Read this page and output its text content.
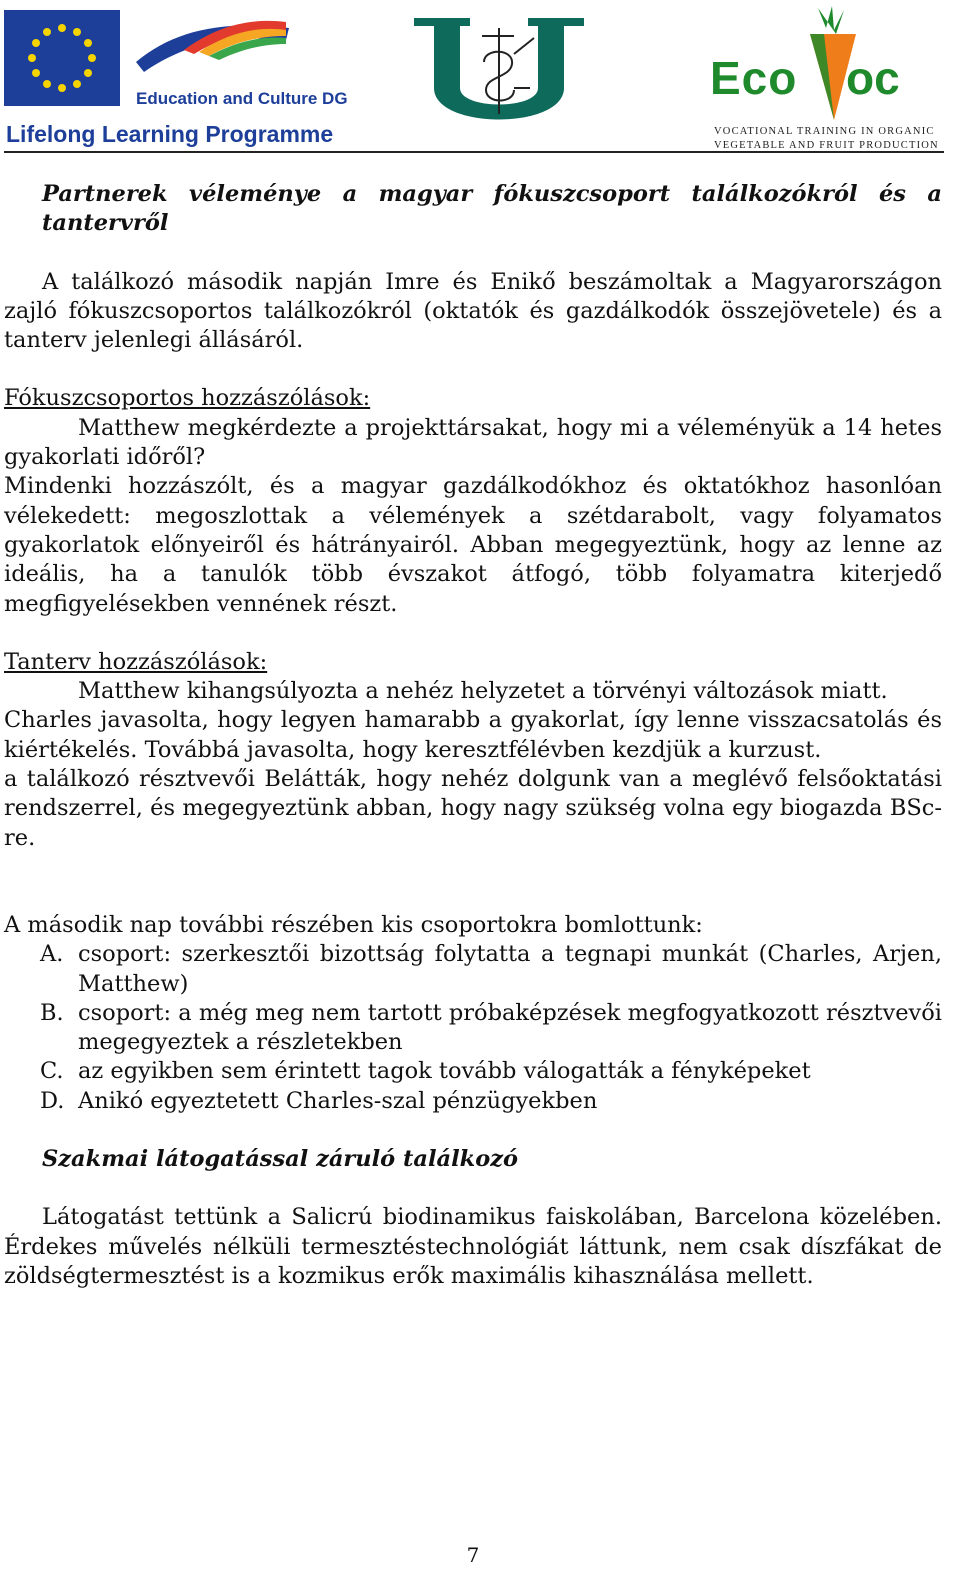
Education and Culture DG
Lifelong Learning Programme
Eco oc
VOCATIONAL TRAINING IN ORGANIC
VEGETABLE AND FRUIT PRODUCTION

Partnerek véleménye a magyar fókuszcsoport találkozókról és a tantervről

A találkozó második napján Imre és Enikő beszámoltak a Magyarországon zajló fókuszcsoportos találkozókról (oktatók és gazdálkodók összejövetele) és a tanterv jelenlegi állásáról.

Fókuszcsoportos hozzászólások:

Matthew megkérdezte a projekttársakat, hogy mi a véleményük a 14 hetes gyakorlati időről?

Mindenki hozzászólt, és a magyar gazdálkodókhoz és oktatókhoz hasonlóan vélekedett: megoszlottak a vélemények a szétdarabolt, vagy folyamatos gyakorlatok előnyeiről és hátrányairól. Abban megegyeztünk, hogy az lenne az ideális, ha a tanulók több évszakot átfogó, több folyamatra kiterjedő megfigyelésekben vennének részt.

Tanterv hozzászólások:

Matthew kihangsúlyozta a nehéz helyzetet a törvényi változások miatt.

Charles javasolta, hogy legyen hamarabb a gyakorlat, így lenne visszacsatolás és kiértékelés. Továbbá javasolta, hogy keresztfélévben kezdjük a kurzust.

a találkozó résztvevői Belátták, hogy nehéz dolgunk van a meglévő felsőoktatási rendszerrel, és megegyeztünk abban, hogy nagy szükség volna egy biogazda BSc-re.

A második nap további részében kis csoportokra bomlottunk:

A. csoport: szerkesztői bizottság folytatta a tegnapi munkát (Charles, Arjen, Matthew)
B. csoport: a még meg nem tartott próbaképzések megfogyatkozott résztvevői megegyeztek a részletekben
C. az egyikben sem érintett tagok tovább válogatták a fényképeket
D. Anikó egyeztetett Charles-szal pénzügyekben

Szakmai látogatással záruló találkozó

Látogatást tettünk a Salicrú biodinamikus faiskolában, Barcelona közelében. Érdekes művelés nélküli termesztéstechnológiát láttunk, nem csak díszfákat de zöldségtermesztést is a kozmikus erők maximális kihasználása mellett.

7
